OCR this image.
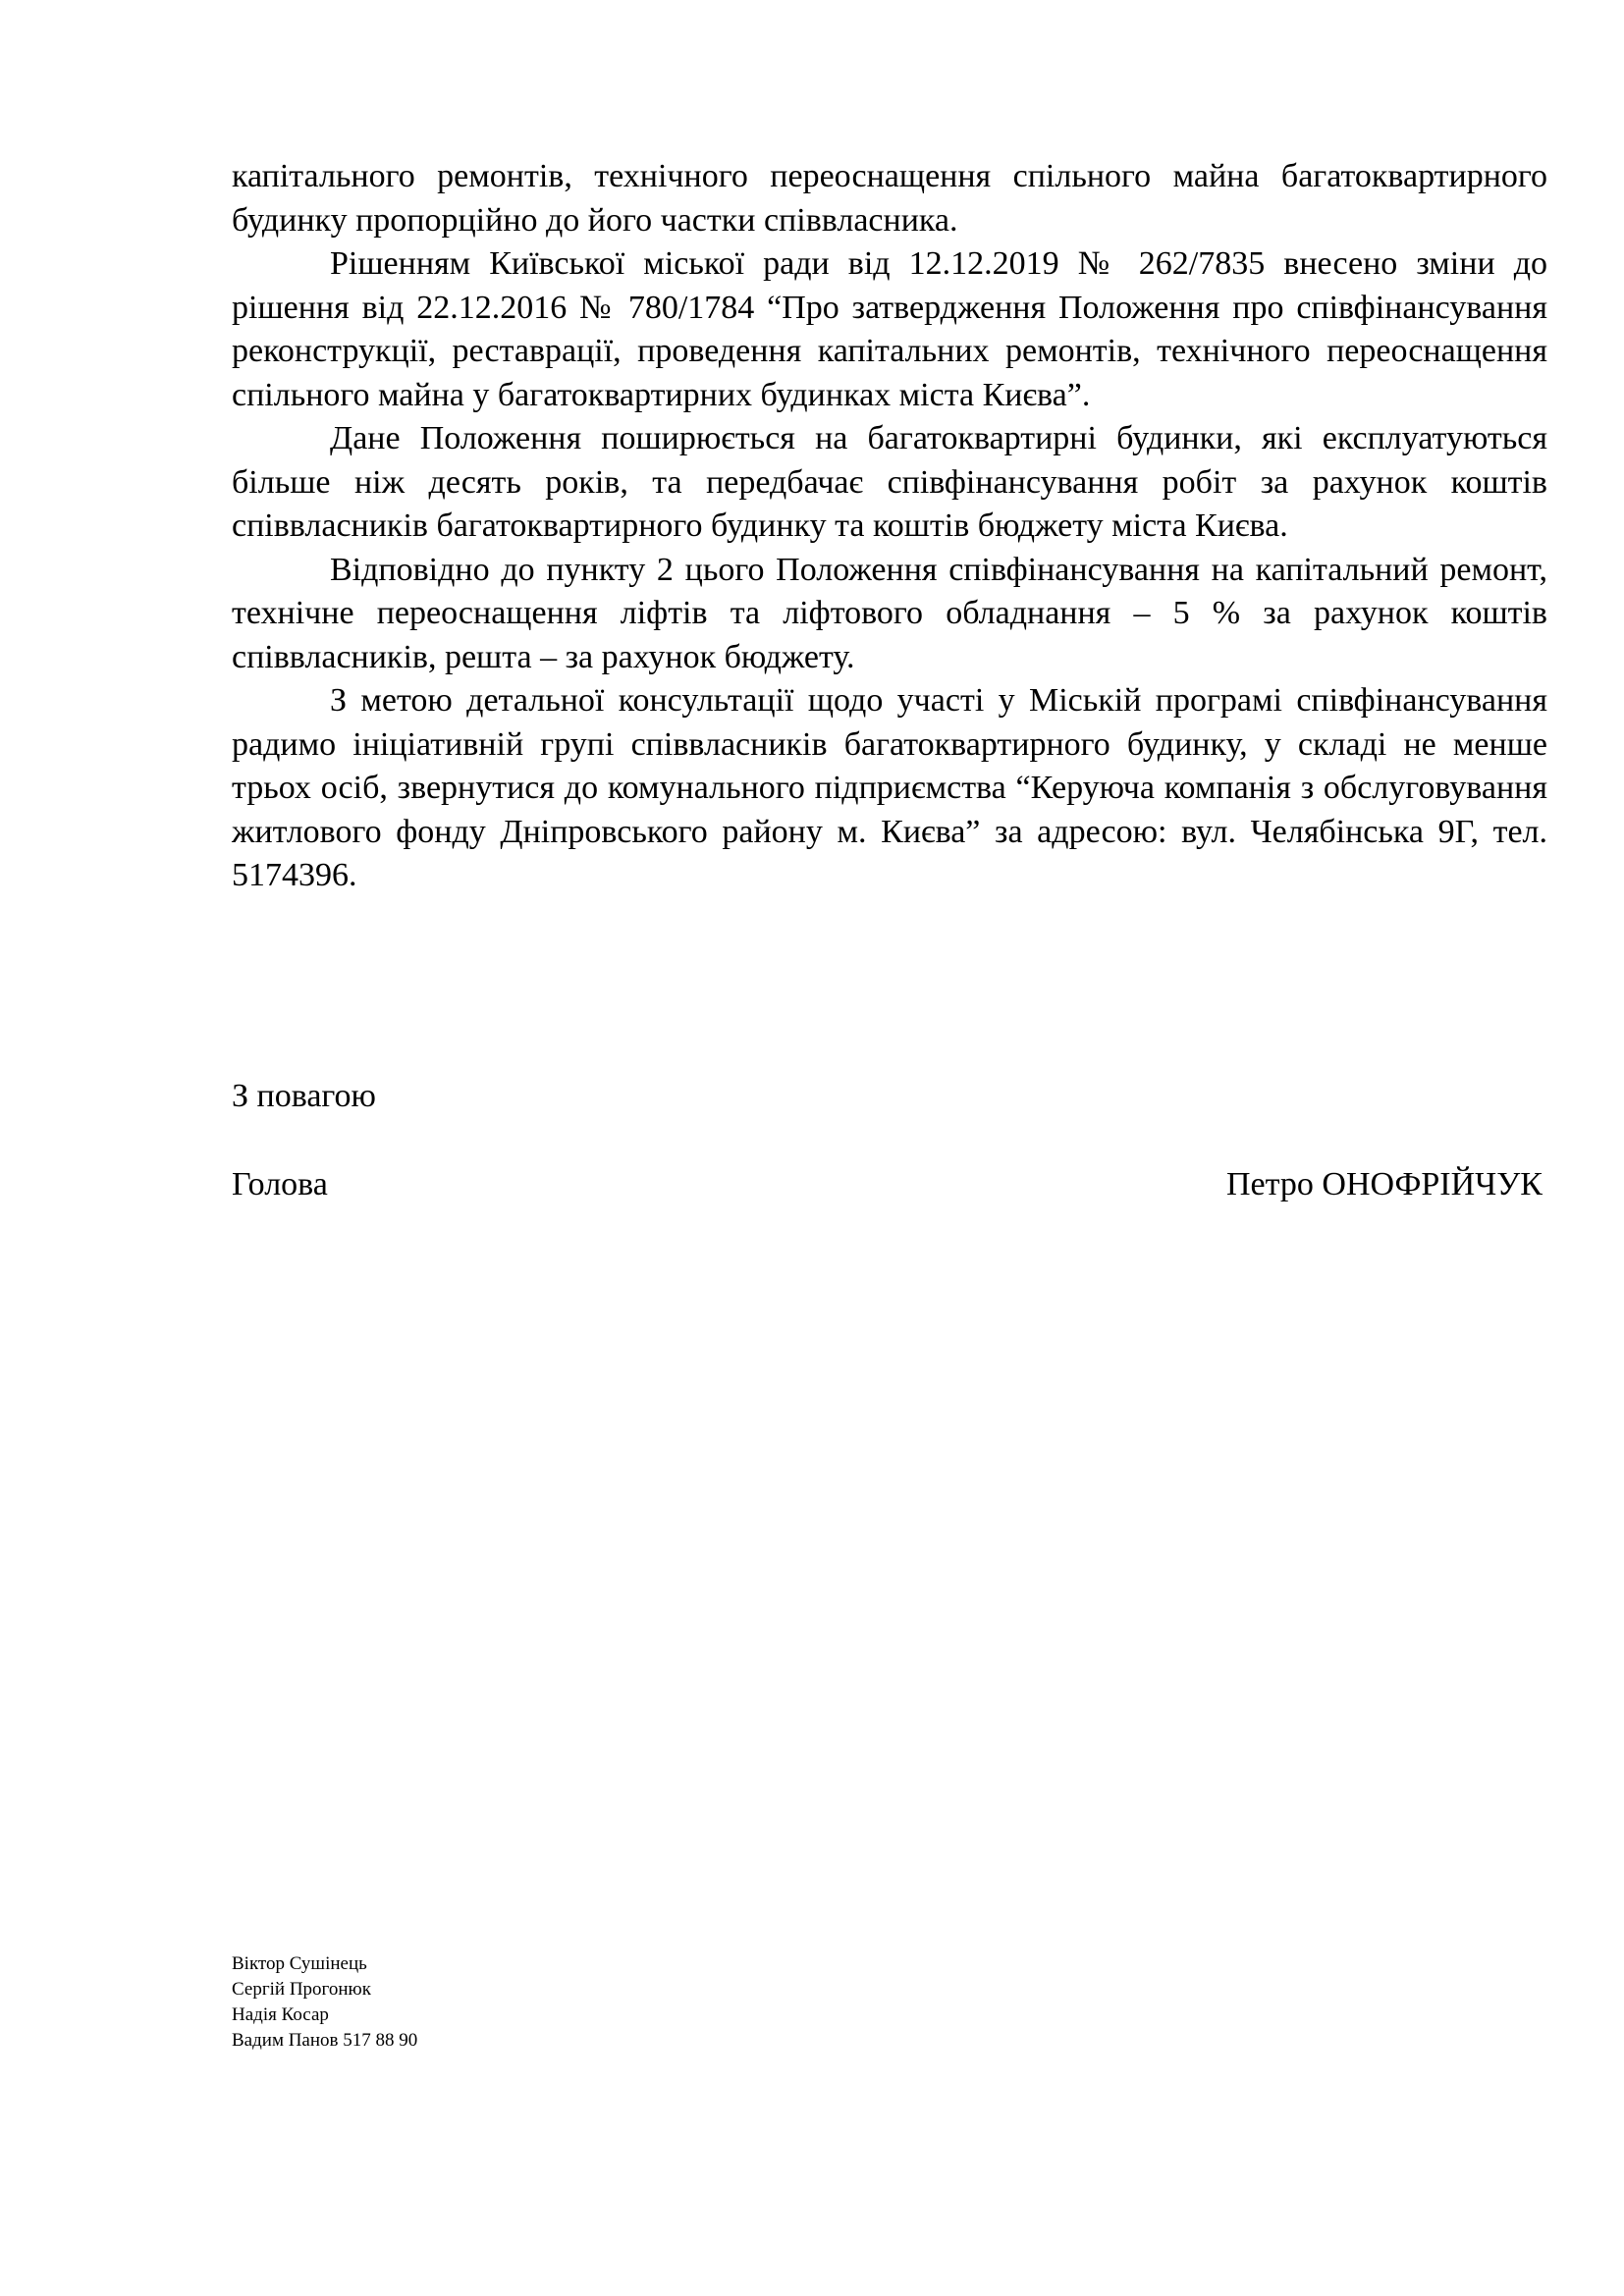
капітального ремонтів, технічного переоснащення спільного майна багатоквартирного будинку пропорційно до його частки співвласника.

Рішенням Київської міської ради від 12.12.2019 № 262/7835 внесено зміни до рішення від 22.12.2016 № 780/1784 “Про затвердження Положення про співфінансування реконструкції, реставрації, проведення капітальних ремонтів, технічного переоснащення спільного майна у багатоквартирних будинках міста Києва”.

Дане Положення поширюється на багатоквартирні будинки, які експлуатуються більше ніж десять років, та передбачає співфінансування робіт за рахунок коштів співвласників багатоквартирного будинку та коштів бюджету міста Києва.

Відповідно до пункту 2 цього Положення співфінансування на капітальний ремонт, технічне переоснащення ліфтів та ліфтового обладнання – 5 % за рахунок коштів співвласників, решта – за рахунок бюджету.

З метою детальної консультації щодо участі у Міській програмі співфінансування радимо ініціативній групі співвласників багатоквартирного будинку, у складі не менше трьох осіб, звернутися до комунального підприємства “Керуюча компанія з обслуговування житлового фонду Дніпровського району м. Києва” за адресою: вул. Челябінська 9Г, тел. 5174396.

З повагою
Голова	Петро ОНОФРІЙЧУК
Віктор Сушінець
Сергій Прогонюк
Надія Косар
Вадим Панов 517 88 90
